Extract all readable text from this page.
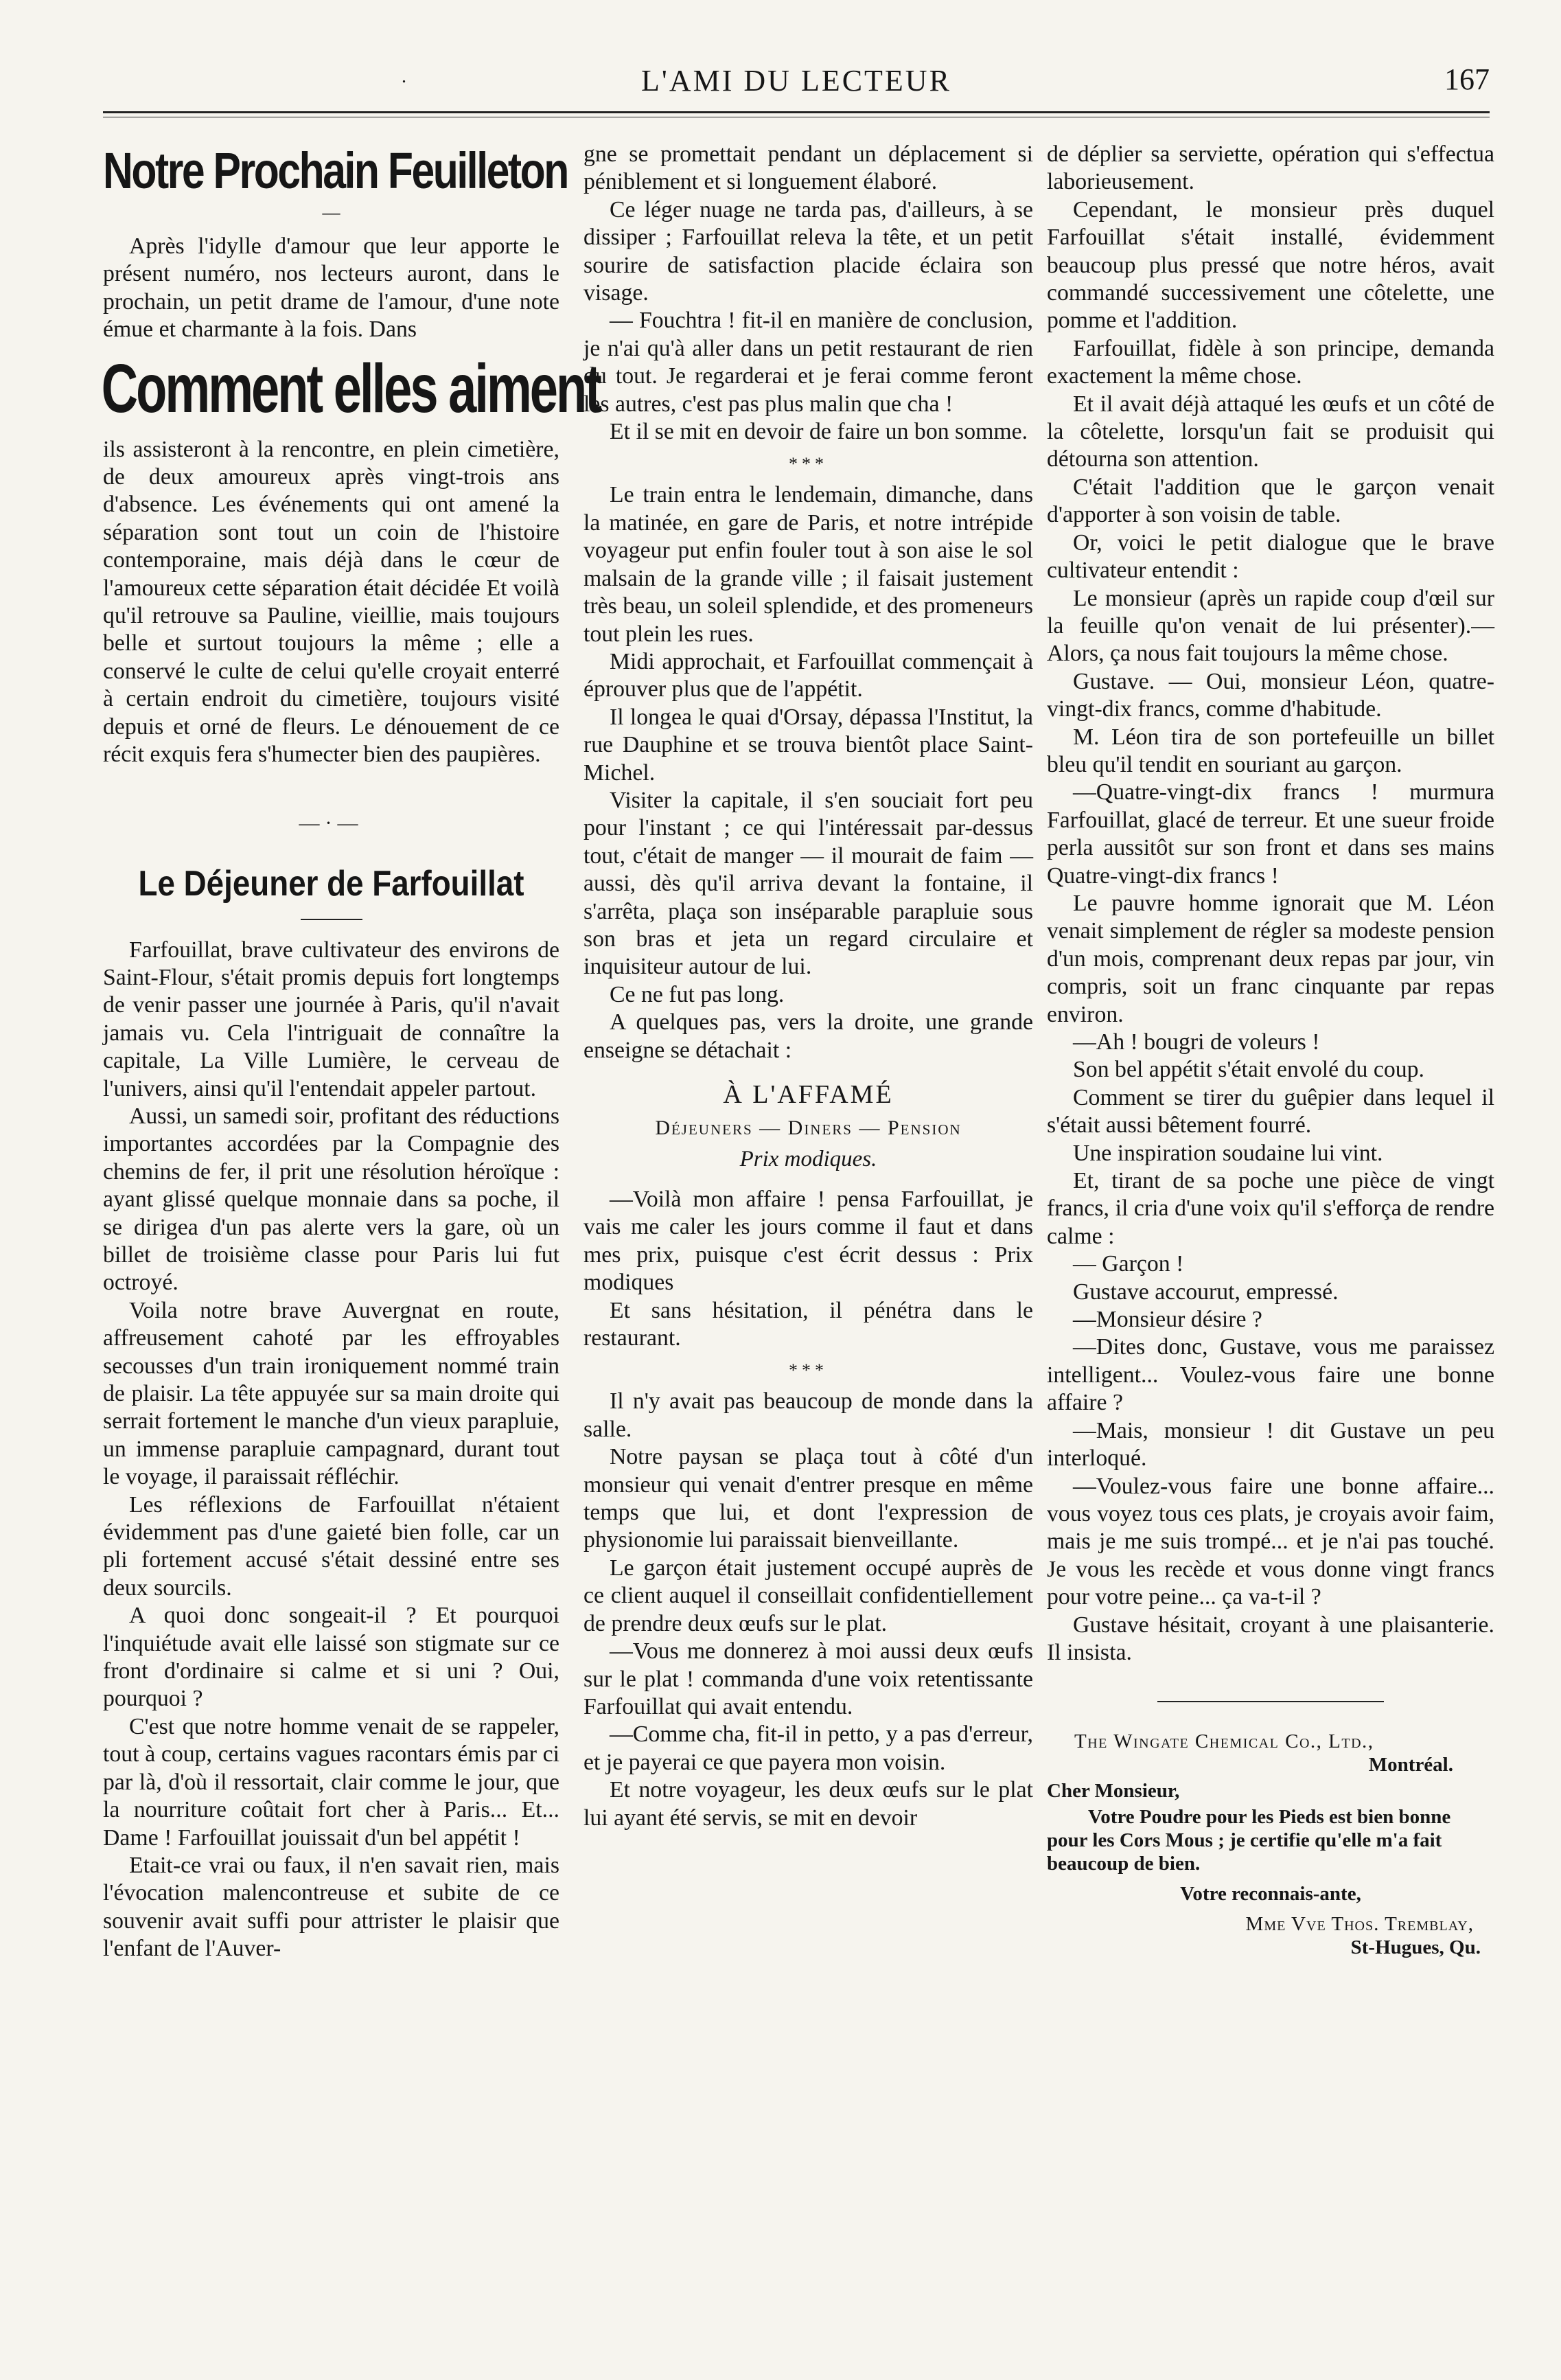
.	L'AMI DU LECTEUR	167
Notre Prochain Feuilleton
—

Après l'idylle d'amour que leur apporte le présent numéro, nos lecteurs auront, dans le prochain, un petit drame de l'amour, d'une note émue et charmante à la fois. Dans

Comment elles aiment

ils assisteront à la rencontre, en plein cimetière, de deux amoureux après vingt-trois ans d'absence. Les événements qui ont amené la séparation sont tout un coin de l'histoire contemporaine, mais déjà dans le cœur de l'amoureux cette séparation était décidée Et voilà qu'il retrouve sa Pauline, vieillie, mais toujours belle et surtout toujours la même ; elle a conservé le culte de celui qu'elle croyait enterré à certain endroit du cimetière, toujours visité depuis et orné de fleurs. Le dénouement de ce récit exquis fera s'humecter bien des paupières.

—·—
Le Déjeuner de Farfouillat

Farfouillat, brave cultivateur des environs de Saint-Flour, s'était promis depuis fort longtemps de venir passer une journée à Paris, qu'il n'avait jamais vu. Cela l'intriguait de connaître la capitale, La Ville Lumière, le cerveau de l'univers, ainsi qu'il l'entendait appeler partout.

Aussi, un samedi soir, profitant des réductions importantes accordées par la Compagnie des chemins de fer, il prit une résolution héroïque : ayant glissé quelque monnaie dans sa poche, il se dirigea d'un pas alerte vers la gare, où un billet de troisième classe pour Paris lui fut octroyé.

Voila notre brave Auvergnat en route, affreusement cahoté par les effroyables secousses d'un train ironiquement nommé train de plaisir. La tête appuyée sur sa main droite qui serrait fortement le manche d'un vieux parapluie, un immense parapluie campagnard, durant tout le voyage, il paraissait réfléchir.

Les réflexions de Farfouillat n'étaient évidemment pas d'une gaieté bien folle, car un pli fortement accusé s'était dessiné entre ses deux sourcils.

A quoi donc songeait-il ? Et pourquoi l'inquiétude avait elle laissé son stigmate sur ce front d'ordinaire si calme et si uni ? Oui, pourquoi ?

C'est que notre homme venait de se rappeler, tout à coup, certains vagues racontars émis par ci par là, d'où il ressortait, clair comme le jour, que la nourriture coûtait fort cher à Paris... Et... Dame ! Farfouillat jouissait d'un bel appétit !

Etait-ce vrai ou faux, il n'en savait rien, mais l'évocation malencontreuse et subite de ce souvenir avait suffi pour attrister le plaisir que l'enfant de l'Auver-

gne se promettait pendant un déplacement si péniblement et si longuement élaboré.

Ce léger nuage ne tarda pas, d'ailleurs, à se dissiper ; Farfouillat releva la tête, et un petit sourire de satisfaction placide éclaira son visage.

— Fouchtra ! fit-il en manière de conclusion, je n'ai qu'à aller dans un petit restaurant de rien du tout. Je regarderai et je ferai comme feront les autres, c'est pas plus malin que cha !

Et il se mit en devoir de faire un bon somme.

***

Le train entra le lendemain, dimanche, dans la matinée, en gare de Paris, et notre intrépide voyageur put enfin fouler tout à son aise le sol malsain de la grande ville ; il faisait justement très beau, un soleil splendide, et des promeneurs tout plein les rues.

Midi approchait, et Farfouillat commençait à éprouver plus que de l'appétit.

Il longea le quai d'Orsay, dépassa l'Institut, la rue Dauphine et se trouva bientôt place Saint-Michel.

Visiter la capitale, il s'en souciait fort peu pour l'instant ; ce qui l'intéressait par-dessus tout, c'était de manger — il mourait de faim — aussi, dès qu'il arriva devant la fontaine, il s'arrêta, plaça son inséparable parapluie sous son bras et jeta un regard circulaire et inquisiteur autour de lui.

Ce ne fut pas long.

A quelques pas, vers la droite, une grande enseigne se détachait :

À L'AFFAMÉ
Déjeuners — Diners — Pension
Prix modiques.

—Voilà mon affaire ! pensa Farfouillat, je vais me caler les jours comme il faut et dans mes prix, puisque c'est écrit dessus : Prix modiques

Et sans hésitation, il pénétra dans le restaurant.

***

Il n'y avait pas beaucoup de monde dans la salle.

Notre paysan se plaça tout à côté d'un monsieur qui venait d'entrer presque en même temps que lui, et dont l'expression de physionomie lui paraissait bienveillante.

Le garçon était justement occupé auprès de ce client auquel il conseillait confidentiellement de prendre deux œufs sur le plat.

—Vous me donnerez à moi aussi deux œufs sur le plat ! commanda d'une voix retentissante Farfouillat qui avait entendu.

—Comme cha, fit-il in petto, y a pas d'erreur, et je payerai ce que payera mon voisin.

Et notre voyageur, les deux œufs sur le plat lui ayant été servis, se mit en devoir

de déplier sa serviette, opération qui s'effectua laborieusement.

Cependant, le monsieur près duquel Farfouillat s'était installé, évidemment beaucoup plus pressé que notre héros, avait commandé successivement une côtelette, une pomme et l'addition.

Farfouillat, fidèle à son principe, demanda exactement la même chose.

Et il avait déjà attaqué les œufs et un côté de la côtelette, lorsqu'un fait se produisit qui détourna son attention.

C'était l'addition que le garçon venait d'apporter à son voisin de table.

Or, voici le petit dialogue que le brave cultivateur entendit :

Le monsieur (après un rapide coup d'œil sur la feuille qu'on venait de lui présenter).— Alors, ça nous fait toujours la même chose.

Gustave. — Oui, monsieur Léon, quatre-vingt-dix francs, comme d'habitude.

M. Léon tira de son portefeuille un billet bleu qu'il tendit en souriant au garçon.

—Quatre-vingt-dix francs ! murmura Farfouillat, glacé de terreur. Et une sueur froide perla aussitôt sur son front et dans ses mains Quatre-vingt-dix francs !

Le pauvre homme ignorait que M. Léon venait simplement de régler sa modeste pension d'un mois, comprenant deux repas par jour, vin compris, soit un franc cinquante par repas environ.

—Ah ! bougri de voleurs !

Son bel appétit s'était envolé du coup.

Comment se tirer du guêpier dans lequel il s'était aussi bêtement fourré.

Une inspiration soudaine lui vint.

Et, tirant de sa poche une pièce de vingt francs, il cria d'une voix qu'il s'efforça de rendre calme :

— Garçon !

Gustave accourut, empressé.

—Monsieur désire ?

—Dites donc, Gustave, vous me paraissez intelligent... Voulez-vous faire une bonne affaire ?

—Mais, monsieur ! dit Gustave un peu interloqué.

—Voulez-vous faire une bonne affaire... vous voyez tous ces plats, je croyais avoir faim, mais je me suis trompé... et je n'ai pas touché. Je vous les recède et vous donne vingt francs pour votre peine... ça va-t-il ?

Gustave hésitait, croyant à une plaisanterie. Il insista.

The Wingate Chemical Co., Ltd.,
Montréal.
Cher Monsieur,
Votre Poudre pour les Pieds est bien bonne pour les Cors Mous ; je certifie qu'elle m'a fait beaucoup de bien.
Votre reconnais-ante,
Mme Vve Thos. Tremblay,
St-Hugues, Qu.
